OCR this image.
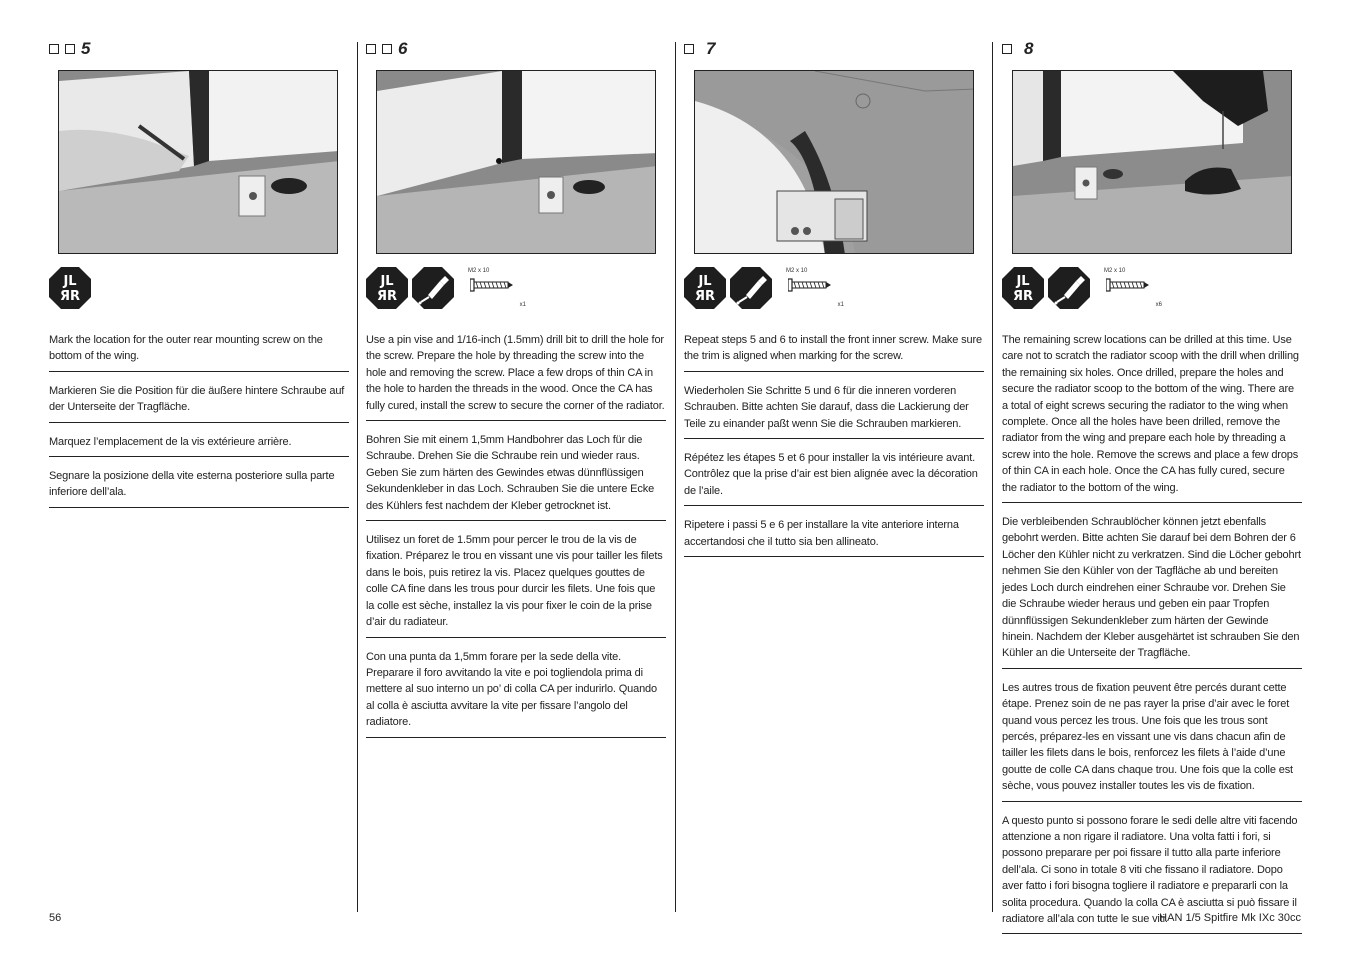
5
JL
ЯR

Mark the location for the outer rear mounting screw on the bottom of the wing.

Markieren Sie die Position für die äußere hintere Schraube auf der Unterseite der Tragfläche.

Marquez l’emplacement de la vis extérieure arrière.

Segnare la posizione della vite esterna posteriore sulla parte inferiore dell’ala.

6
JL
ЯR
M2 x 10
x1

Use a pin vise and 1/16-inch (1.5mm) drill bit to drill the hole for the screw. Prepare the hole by threading the screw into the hole and removing the screw. Place a few drops of thin CA in the hole to harden the threads in the wood. Once the CA has fully cured, install the screw to secure the corner of the radiator.

Bohren Sie mit einem 1,5mm Handbohrer das Loch für die Schraube. Drehen Sie die Schraube rein und wieder raus. Geben Sie zum härten des Gewindes etwas dünnflüssigen Sekundenkleber in das Loch. Schrauben Sie die untere Ecke des Kühlers fest nachdem der Kleber getrocknet ist.

Utilisez un foret de 1.5mm pour percer le trou de la vis de fixation. Préparez le trou en vissant une vis pour tailler les filets dans le bois, puis retirez la vis. Placez quelques gouttes de colle CA fine dans les trous pour durcir les filets. Une fois que la colle est sèche, installez la vis pour fixer le coin de la prise d’air du radiateur.

Con una punta da 1,5mm forare per la sede della vite. Preparare il foro avvitando la vite e poi togliendola prima di mettere al suo interno un po’ di colla CA per indurirlo. Quando al colla è asciutta avvitare la vite per fissare l’angolo del radiatore.

7
JL
ЯR
M2 x 10
x1

Repeat steps 5 and 6 to install the front inner screw. Make sure the trim is aligned when marking for the screw.

Wiederholen Sie Schritte 5 und 6 für die inneren vorderen Schrauben. Bitte achten Sie darauf, dass die Lackierung der Teile zu einander paßt wenn Sie die Schrauben markieren.

Répétez les étapes 5 et 6 pour installer la vis intérieure avant. Contrôlez que la prise d’air est bien alignée avec la décoration de l’aile.

Ripetere i passi 5 e 6 per installare la vite anteriore interna accertandosi che il tutto sia ben allineato.

8
JL
ЯR
M2 x 10
x6

The remaining screw locations can be drilled at this time. Use care not to scratch the radiator scoop with the drill when drilling the remaining six holes. Once drilled, prepare the holes and secure the radiator scoop to the bottom of the wing. There are a total of eight screws securing the radiator to the wing when complete. Once all the holes have been drilled, remove the radiator from the wing and prepare each hole by threading a screw into the hole. Remove the screws and place a few drops of thin CA in each hole. Once the CA has fully cured, secure the radiator to the bottom of the wing.

Die verbleibenden Schraublöcher können jetzt ebenfalls gebohrt werden. Bitte achten Sie darauf bei dem Bohren der 6 Löcher den Kühler nicht zu verkratzen. Sind die Löcher gebohrt nehmen Sie den Kühler von der Tagfläche ab und bereiten jedes Loch durch eindrehen einer Schraube vor. Drehen Sie die Schraube wieder heraus und geben ein paar Tropfen dünnflüssigen Sekundenkleber zum härten der Gewinde hinein. Nachdem der Kleber ausgehärtet ist schrauben Sie den Kühler an die Unterseite der Tragfläche.

Les autres trous de fixation peuvent être percés durant cette étape. Prenez soin de ne pas rayer la prise d’air avec le foret quand vous percez les trous. Une fois que les trous sont percés, préparez-les en vissant une vis dans chacun afin de tailler les filets dans le bois, renforcez les filets à l’aide d’une goutte de colle CA dans chaque trou. Une fois que la colle est sèche, vous pouvez installer toutes les vis de fixation.

A questo punto si possono forare le sedi delle altre viti facendo attenzione a non rigare il radiatore. Una volta fatti i fori, si possono preparare per poi fissare il tutto alla parte inferiore dell’ala. Ci sono in totale 8 viti che fissano il radiatore. Dopo aver fatto i fori bisogna togliere il radiatore e prepararli con la solita procedura. Quando la colla CA è asciutta si può fissare il radiatore all’ala con tutte le sue viti.

56	HAN 1/5 Spitfire Mk IXc 30cc
